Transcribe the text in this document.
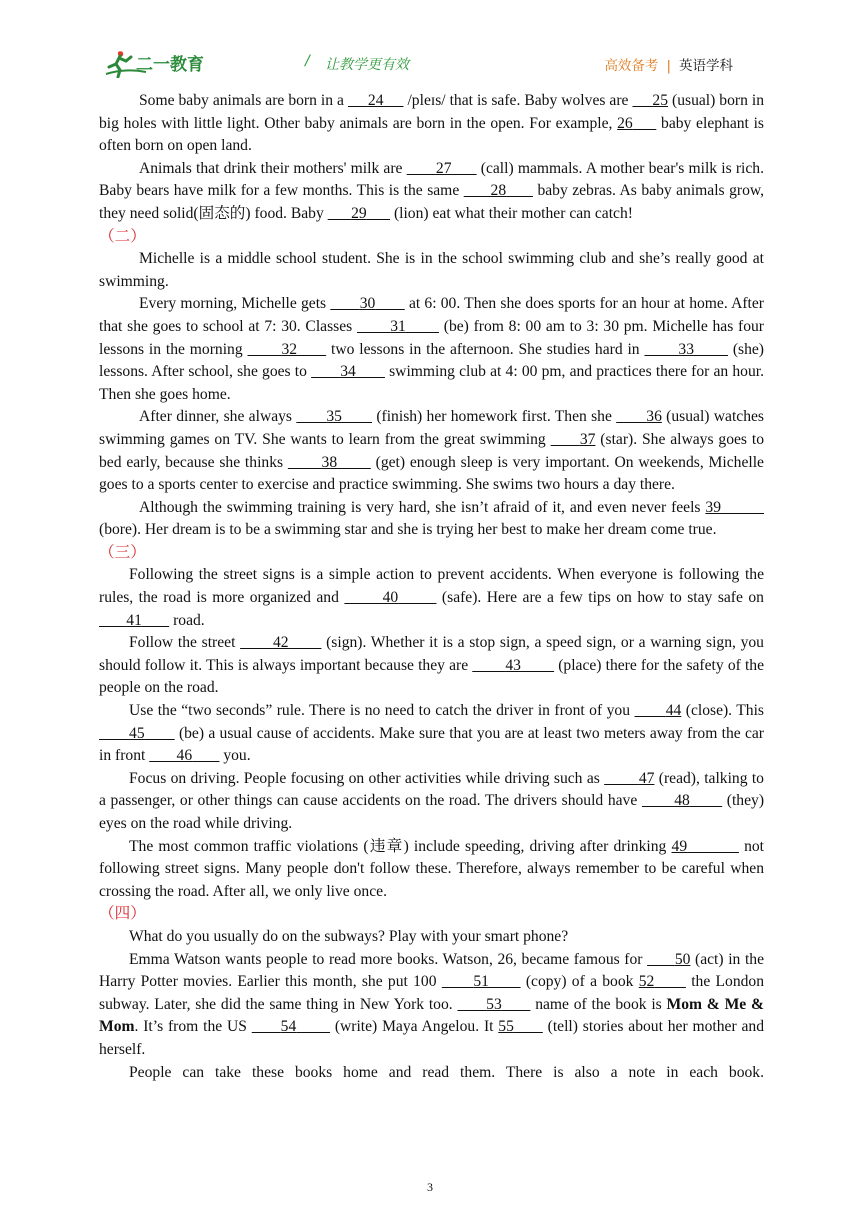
二一教育	/ 让教学更有效	高效备考 | 英语学科

Some baby animals are born in a      24      /pleɪs/ that is safe. Baby wolves are      25 (usual) born in big holes with little light. Other baby animals are born in the open. For example, 26      baby elephant is often born on open land.

Animals that drink their mothers' milk are        27       (call) mammals. A mother bear's milk is rich. Baby bears have milk for a few months. This is the same       28       baby zebras. As baby animals grow, they need solid(固态的) food. Baby       29       (lion) eat what their mother can catch!

（二）

Michelle is a middle school student. She is in the school swimming club and she’s really good at swimming.

Every morning, Michelle gets        30        at 6: 00. Then she does sports for an hour at home. After that she goes to school at 7: 30. Classes        31        (be) from 8: 00 am to 3: 30 pm. Michelle has four lessons in the morning        32       two lessons in the afternoon. She studies hard in        33        (she) lessons. After school, she goes to        34        swimming club at 4: 00 pm, and practices there for an hour. Then she goes home.

After dinner, she always        35        (finish) her homework first. Then she        36 (usual) watches swimming games on TV. She wants to learn from the great swimming       37 (star). She always goes to bed early, because she thinks        38        (get) enough sleep is very important. On weekends, Michelle goes to a sports center to exercise and practice swimming. She swims two hours a day there.

Although the swimming training is very hard, she isn’t afraid of it, and even never feels 39          (bore). Her dream is to be a swimming star and she is trying her best to make her dream come true.

（三）

Following the street signs is a simple action to prevent accidents. When everyone is following the rules, the road is more organized and        40        (safe). Here are a few tips on how to stay safe on        41        road.

Follow the street        42        (sign). Whether it is a stop sign, a speed sign, or a warning sign, you should follow it. This is always important because they are         43         (place) there for the safety of the people on the road.

Use the “two seconds” rule. There is no need to catch the driver in front of you        44 (close). This        45        (be) a usual cause of accidents. Make sure that you are at least two meters away from the car in front        46        you.

Focus on driving. People focusing on other activities while driving such as         47 (read), talking to a passenger, or other things can cause accidents on the road. The drivers should have        48        (they) eyes on the road while driving.

The most common traffic violations (违章) include speeding, driving after drinking 49	not following street signs. Many people don't follow these. Therefore, always remember to be careful when crossing the road. After all, we only live once.

（四）

What do you usually do on the subways? Play with your smart phone?

Emma Watson wants people to read more books. Watson, 26, became famous for       50 (act) in the Harry Potter movies. Earlier this month, she put 100       51       (copy) of a book 52       the London subway. Later, she did the same thing in New York too.       53       name of the book is Mom & Me & Mom. It’s from the US       54        (write) Maya Angelou. It 55       (tell) stories about her mother and herself.

People can take these books home and read them. There is also a note in each book.

3
